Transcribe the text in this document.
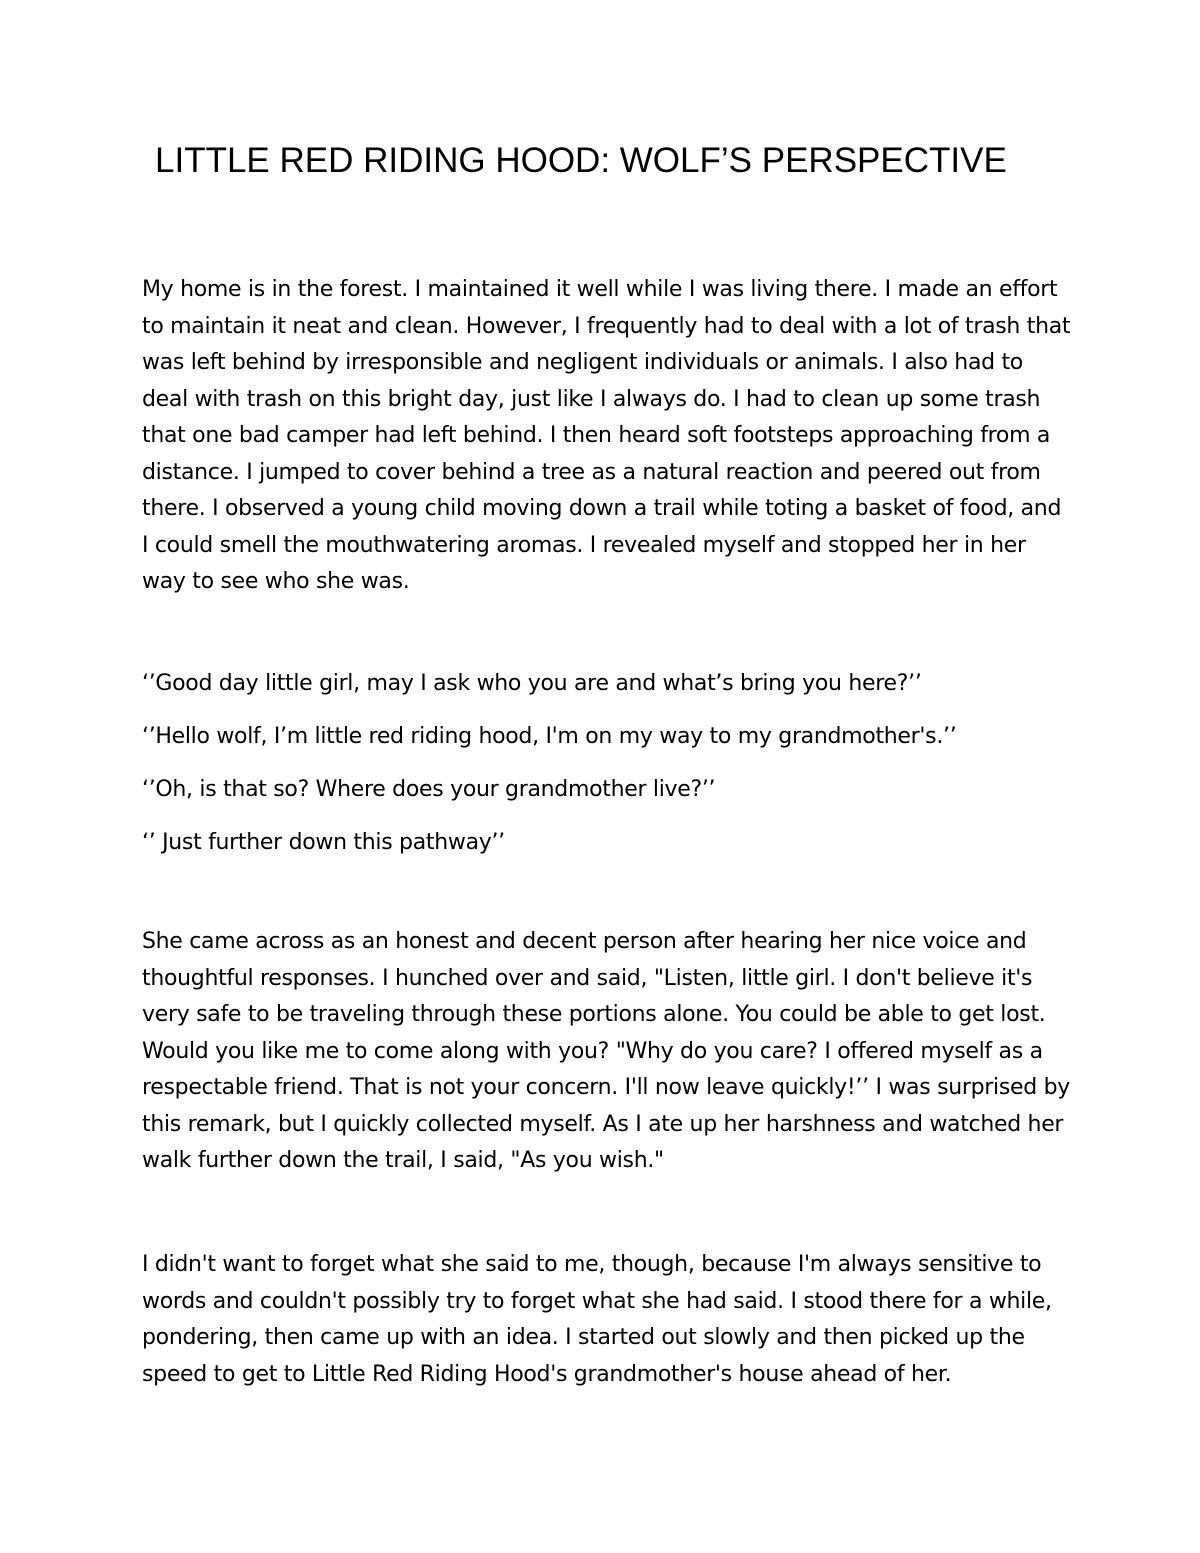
LITTLE RED RIDING HOOD: WOLF’S PERSPECTIVE

My home is in the forest. I maintained it well while I was living there. I made an effort to maintain it neat and clean. However, I frequently had to deal with a lot of trash that was left behind by irresponsible and negligent individuals or animals. I also had to deal with trash on this bright day, just like I always do. I had to clean up some trash that one bad camper had left behind. I then heard soft footsteps approaching from a distance. I jumped to cover behind a tree as a natural reaction and peered out from there. I observed a young child moving down a trail while toting a basket of food, and I could smell the mouthwatering aromas. I revealed myself and stopped her in her way to see who she was.

‘’Good day little girl, may I ask who you are and what’s bring you here?’’

‘’Hello wolf, I’m little red riding hood, I'm on my way to my grandmother's.’’

‘’Oh, is that so? Where does your grandmother live?’’

‘’ Just further down this pathway’’

She came across as an honest and decent person after hearing her nice voice and thoughtful responses. I hunched over and said, "Listen, little girl. I don't believe it's very safe to be traveling through these portions alone. You could be able to get lost. Would you like me to come along with you? "Why do you care? I offered myself as a respectable friend. That is not your concern. I'll now leave quickly!’’ I was surprised by this remark, but I quickly collected myself. As I ate up her harshness and watched her walk further down the trail, I said, "As you wish."

I didn't want to forget what she said to me, though, because I'm always sensitive to words and couldn't possibly try to forget what she had said. I stood there for a while, pondering, then came up with an idea. I started out slowly and then picked up the speed to get to Little Red Riding Hood's grandmother's house ahead of her.
